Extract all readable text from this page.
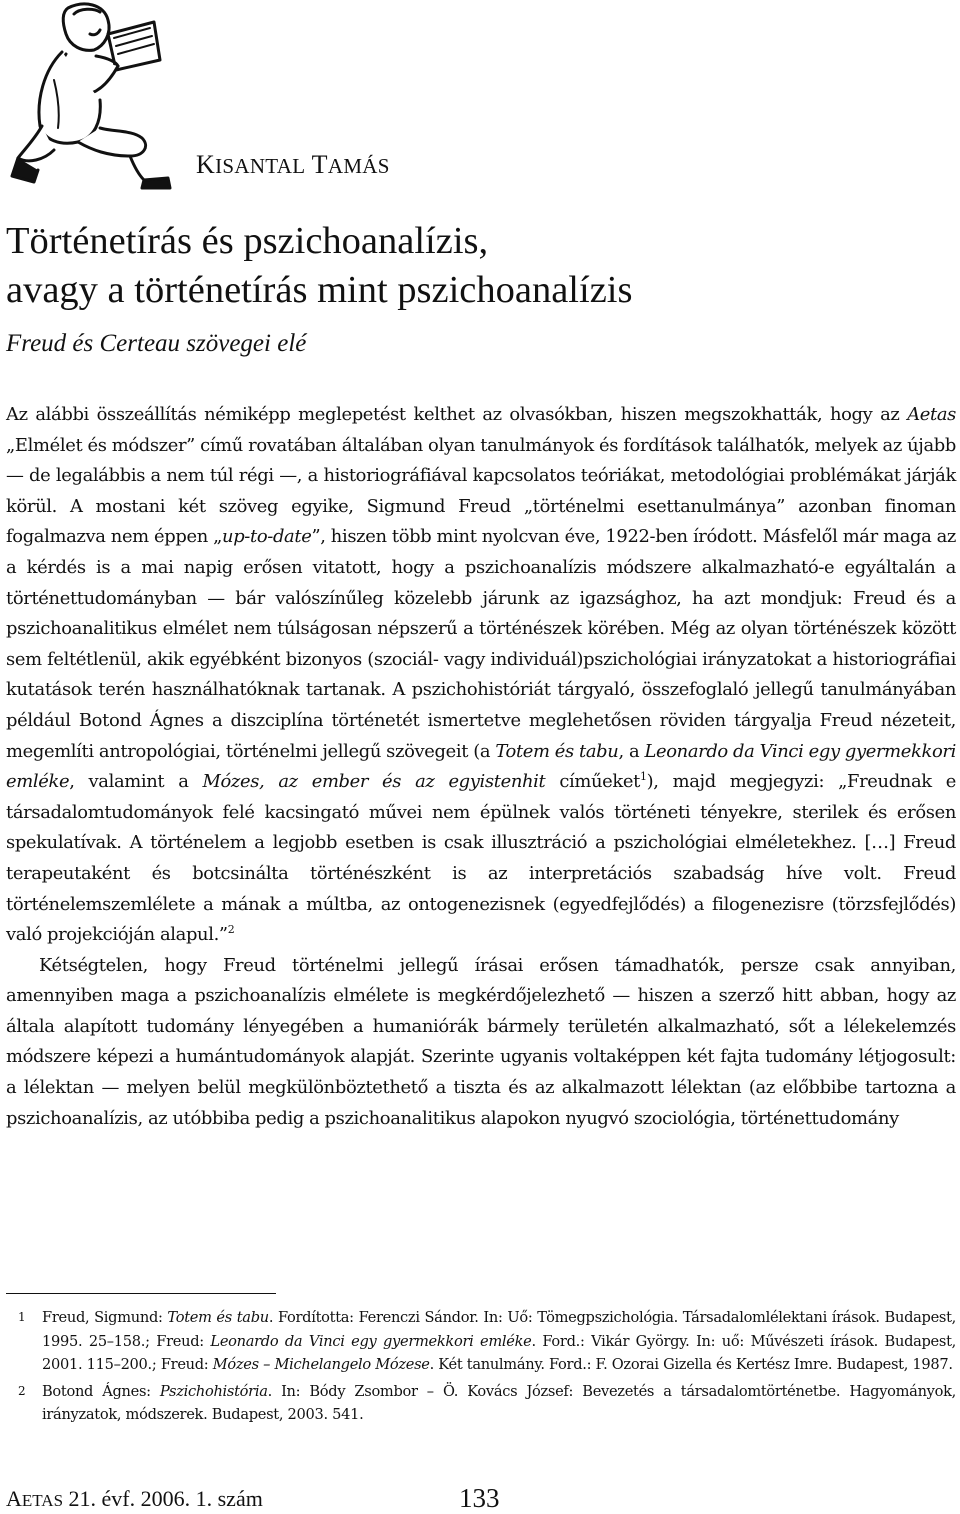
KISANTAL TAMÁS
Történetírás és pszichoanalízis,
avagy a történetírás mint pszichoanalízis
Freud és Certeau szövegei elé

Az alábbi összeállítás némiképp meglepetést kelthet az olvasókban, hiszen megszokhatták, hogy az Aetas „Elmélet és módszer” című rovatában általában olyan tanulmányok és fordítások találhatók, melyek az újabb — de legalábbis a nem túl régi —, a historiográfiával kapcsolatos teóriákat, metodológiai problémákat járják körül. A mostani két szöveg egyike, Sigmund Freud „történelmi esettanulmánya” azonban finoman fogalmazva nem éppen „up-to-date”, hiszen több mint nyolcvan éve, 1922-ben íródott. Másfelől már maga az a kérdés is a mai napig erősen vitatott, hogy a pszichoanalízis módszere alkalmazható-e egyáltalán a történettudományban — bár valószínűleg közelebb járunk az igazsághoz, ha azt mondjuk: Freud és a pszichoanalitikus elmélet nem túlságosan népszerű a történészek körében. Még az olyan történészek között sem feltétlenül, akik egyébként bizonyos (szociál- vagy individuál)pszichológiai irányzatokat a historiográfiai kutatások terén használhatóknak tartanak. A pszichohistóriát tárgyaló, összefoglaló jellegű tanulmányában például Botond Ágnes a diszciplína történetét ismertetve meglehetősen röviden tárgyalja Freud nézeteit, megemlíti antropológiai, történelmi jellegű szövegeit (a Totem és tabu, a Leonardo da Vinci egy gyermekkori emléke, valamint a Mózes, az ember és az egyistenhit címűeket$^1$), majd megjegyzi: „Freudnak e társadalomtudományok felé kacsingató művei nem épülnek valós történeti tényekre, sterilek és erősen spekulatívak. A történelem a legjobb esetben is csak illusztráció a pszichológiai elméletekhez. […] Freud terapeutaként és botcsinálta történészként is az interpretációs szabadság híve volt. Freud történelemszemlélete a mának a múltba, az ontogenezisnek (egyedfejlődés) a filogenezisre (törzsfejlődés) való projekcióján alapul.”$^2$

Kétségtelen, hogy Freud történelmi jellegű írásai erősen támadhatók, persze csak annyiban, amennyiben maga a pszichoanalízis elmélete is megkérdőjelezhető — hiszen a szerző hitt abban, hogy az általa alapított tudomány lényegében a humaniórák bármely területén alkalmazható, sőt a lélekelemzés módszere képezi a humántudományok alapját. Szerinte ugyanis voltaképpen két fajta tudomány létjogosult: a lélektan — melyen belül megkülönböztethető a tiszta és az alkalmazott lélektan (az előbbibe tartozna a pszichoanalízis, az utóbbiba pedig a pszichoanalitikus alapokon nyugvó szociológia, történettudomány

1 Freud, Sigmund: Totem és tabu. Fordította: Ferenczi Sándor. In: Uő: Tömegpszichológia. Társadalomlélektani írások. Budapest, 1995. 25–158.; Freud: Leonardo da Vinci egy gyermekkori emléke. Ford.: Vikár György. In: uő: Művészeti írások. Budapest, 2001. 115–200.; Freud: Mózes – Michelangelo Mózese. Két tanulmány. Ford.: F. Ozorai Gizella és Kertész Imre. Budapest, 1987.
2 Botond Ágnes: Pszichohistória. In: Bódy Zsombor – Ö. Kovács József: Bevezetés a társadalomtörténetbe. Hagyományok, irányzatok, módszerek. Budapest, 2003. 541.
AETAS 21. évf. 2006. 1. szám	133
